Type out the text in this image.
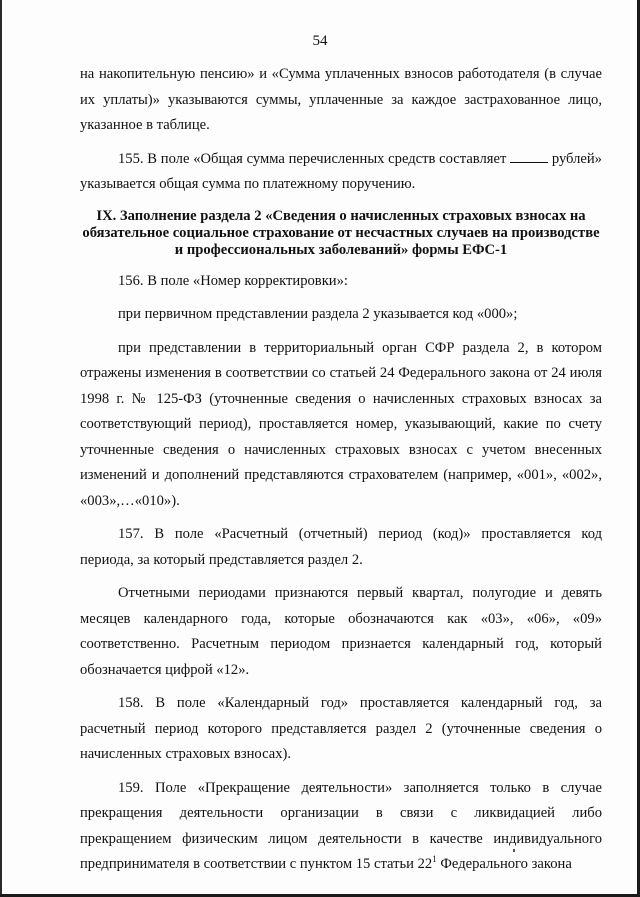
54

на накопительную пенсию» и «Сумма уплаченных взносов работодателя (в случае их уплаты)» указываются суммы, уплаченные за каждое застрахованное лицо, указанное в таблице.

155. В поле «Общая сумма перечисленных средств составляет	рублей» указывается общая сумма по платежному поручению.

IX. Заполнение раздела 2 «Сведения о начисленных страховых взносах на обязательное социальное страхование от несчастных случаев на производстве и профессиональных заболеваний» формы ЕФС-1

156. В поле «Номер корректировки»:

при первичном представлении раздела 2 указывается код «000»;

при представлении в территориальный орган СФР раздела 2, в котором отражены изменения в соответствии со статьей 24 Федерального закона от 24 июля 1998 г. № 125-ФЗ (уточненные сведения о начисленных страховых взносах за соответствующий период), проставляется номер, указывающий, какие по счету уточненные сведения о начисленных страховых взносах с учетом внесенных изменений и дополнений представляются страхователем (например, «001», «002», «003»,…«010»).

157. В поле «Расчетный (отчетный) период (код)» проставляется код периода, за который представляется раздел 2.

Отчетными периодами признаются первый квартал, полугодие и девять месяцев календарного года, которые обозначаются как «03», «06», «09» соответственно. Расчетным периодом признается календарный год, который обозначается цифрой «12».

158. В поле «Календарный год» проставляется календарный год, за расчетный период которого представляется раздел 2 (уточненные сведения о начисленных страховых взносах).

159. Поле «Прекращение деятельности» заполняется только в случае прекращения деятельности организации в связи с ликвидацией либо прекращением физическим лицом деятельности в качестве индивидуального предпринимателя в соответствии с пунктом 15 статьи $22^1$ Федерального закона
